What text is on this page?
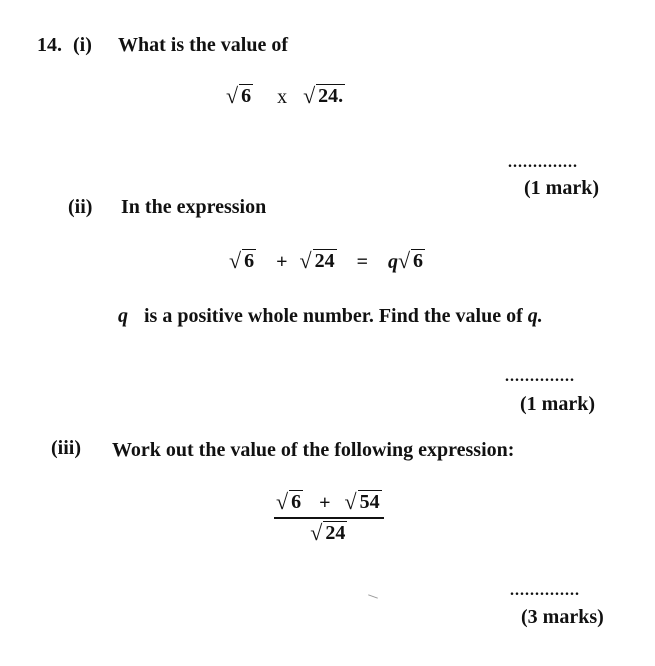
14. (i) What is the value of
√ 6 x √ 24.
..............
(1 mark)
(ii) In the expression
√ 6 + √ 24 = q √ 6
q is a positive whole number. Find the value of q.
..............
(1 mark)
(iii) Work out the value of the following expression:
√ 6 + √ 54
√ 24
..............
(3 marks)
